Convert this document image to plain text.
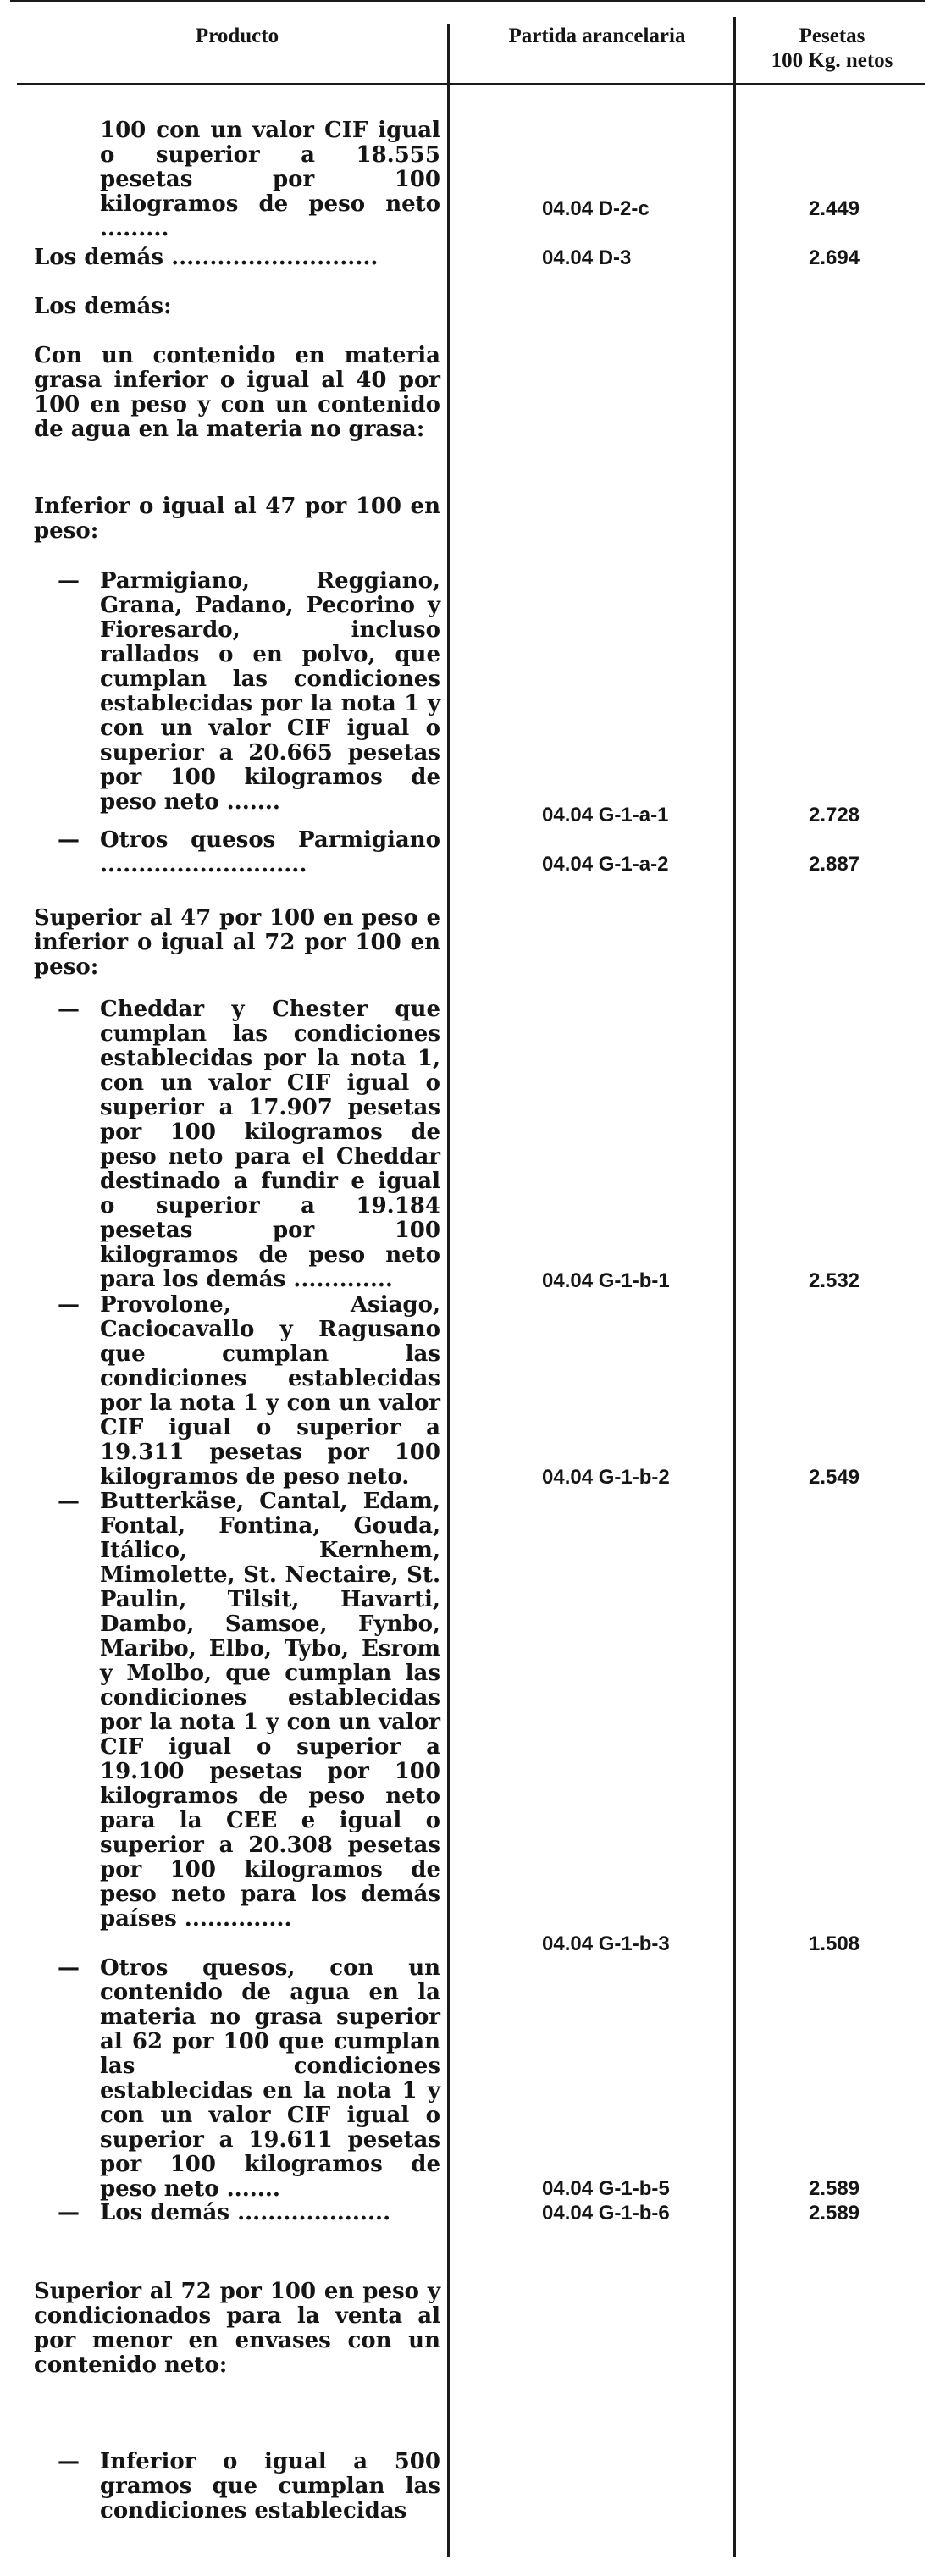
Producto	Partida arancelaria	Pesetas
100 Kg. netos
100 con un valor CIF igual o superior a 18.555 pesetas por 100 kilogramos de peso neto .........
Los demás ...........................
Los demás:
Con un contenido en materia grasa inferior o igual al 40 por 100 en peso y con un contenido de agua en la materia no grasa:
Inferior o igual al 47 por 100 en peso:
— Parmigiano, Reggiano, Grana, Padano, Pecorino y Fioresardo, incluso rallados o en polvo, que cumplan las condiciones establecidas por la nota 1 y con un valor CIF igual o superior a 20.665 pesetas por 100 kilogramos de peso neto .......
— Otros quesos Parmigiano ...........................
Superior al 47 por 100 en peso e inferior o igual al 72 por 100 en peso:
— Cheddar y Chester que cumplan las condiciones establecidas por la nota 1, con un valor CIF igual o superior a 17.907 pesetas por 100 kilogramos de peso neto para el Cheddar destinado a fundir e igual o superior a 19.184 pesetas por 100 kilogramos de peso neto para los demás .............
— Provolone, Asiago, Caciocavallo y Ragusano que cumplan las condiciones establecidas por la nota 1 y con un valor CIF igual o superior a 19.311 pesetas por 100 kilogramos de peso neto.
— Butterkäse, Cantal, Edam, Fontal, Fontina, Gouda, Itálico, Kernhem, Mimolette, St. Nectaire, St. Paulin, Tilsit, Havarti, Dambo, Samsoe, Fynbo, Maribo, Elbo, Tybo, Esrom y Molbo, que cumplan las condiciones establecidas por la nota 1 y con un valor CIF igual o superior a 19.100 pesetas por 100 kilogramos de peso neto para la CEE e igual o superior a 20.308 pesetas por 100 kilogramos de peso neto para los demás países ..............
— Otros quesos, con un contenido de agua en la materia no grasa superior al 62 por 100 que cumplan las condiciones establecidas en la nota 1 y con un valor CIF igual o superior a 19.611 pesetas por 100 kilogramos de peso neto .......
— Los demás ....................
Superior al 72 por 100 en peso y condicionados para la venta al por menor en envases con un contenido neto:
— Inferior o igual a 500 gramos que cumplan las condiciones establecidas
04.04 D-2-c
04.04 D-3
04.04 G-1-a-1
04.04 G-1-a-2
04.04 G-1-b-1
04.04 G-1-b-2
04.04 G-1-b-3
04.04 G-1-b-5
04.04 G-1-b-6
2.449
2.694
2.728
2.887
2.532
2.549
1.508
2.589
2.589
